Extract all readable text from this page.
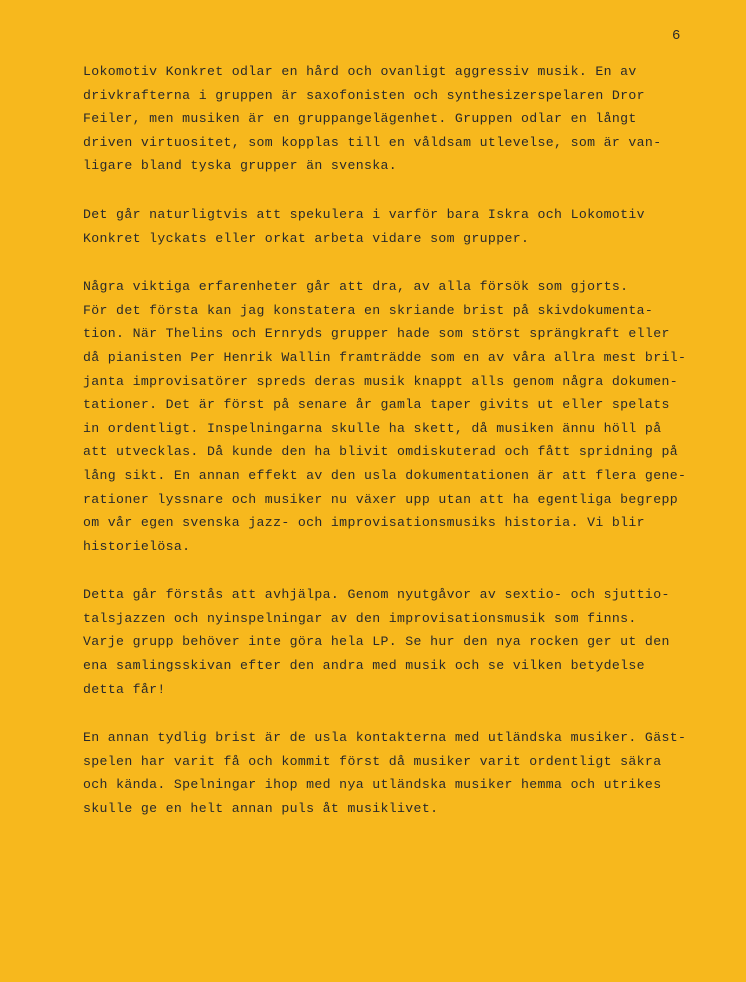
6

Lokomotiv Konkret odlar en hård och ovanligt aggressiv musik. En av
drivkrafterna i gruppen är saxofonisten och synthesizerspelaren Dror
Feiler, men musiken är en gruppangelägenhet. Gruppen odlar en långt
driven virtuositet, som kopplas till en våldsam utlevelse, som är van-
ligare bland tyska grupper än svenska.

Det går naturligtvis att spekulera i varför bara Iskra och Lokomotiv
Konkret lyckats eller orkat arbeta vidare som grupper.

Några viktiga erfarenheter går att dra, av alla försök som gjorts.
För det första kan jag konstatera en skriande brist på skivdokumenta-
tion. När Thelins och Ernryds grupper hade som störst sprängkraft eller
då pianisten Per Henrik Wallin framträdde som en av våra allra mest bril-
janta improvisatörer spreds deras musik knappt alls genom några dokumen-
tationer. Det är först på senare år gamla taper givits ut eller spelats
in ordentligt. Inspelningarna skulle ha skett, då musiken ännu höll på
att utvecklas. Då kunde den ha blivit omdiskuterad och fått spridning på
lång sikt. En annan effekt av den usla dokumentationen är att flera gene-
rationer lyssnare och musiker nu växer upp utan att ha egentliga begrepp
om vår egen svenska jazz- och improvisationsmusiks historia. Vi blir
historielösa.

Detta går förstås att avhjälpa. Genom nyutgåvor av sextio- och sjuttio-
talsjazzen och nyinspelningar av den improvisationsmusik som finns.
Varje grupp behöver inte göra hela LP. Se hur den nya rocken ger ut den
ena samlingsskivan efter den andra med musik och se vilken betydelse
detta får!

En annan tydlig brist är de usla kontakterna med utländska musiker. Gäst-
spelen har varit få och kommit först då musiker varit ordentligt säkra
och kända. Spelningar ihop med nya utländska musiker hemma och utrikes
skulle ge en helt annan puls åt musiklivet.
